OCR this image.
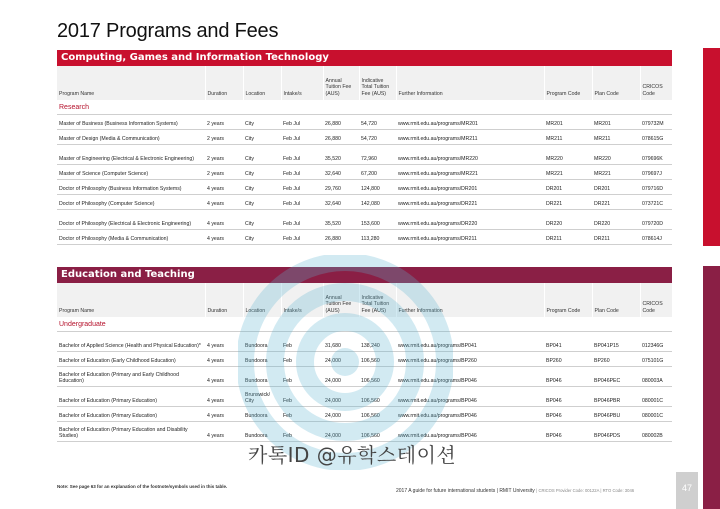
2017 Programs and Fees
Computing, Games and Information Technology
Program Name	Duration	Location	Intake/s	Annual Tuition Fee (AUS)	Indicative Total Tuition Fee (AUS)	Further Information	Program Code	Plan Code	CRICOS Code
Research									
Master of Business (Business Information Systems)	2 years	City	Feb Jul	26,880	54,720	www.rmit.edu.au/programs/MR201	MR201	MR201	079732M
Master of Design (Media & Communication)	2 years	City	Feb Jul	26,880	54,720	www.rmit.edu.au/programs/MR211	MR211	MR211	078615G
Master of Engineering (Electrical & Electronic Engineering)	2 years	City	Feb Jul	35,520	72,960	www.rmit.edu.au/programs/MR220	MR220	MR220	079696K
Master of Science (Computer Science)	2 years	City	Feb Jul	32,640	67,200	www.rmit.edu.au/programs/MR221	MR221	MR221	079697J
Doctor of Philosophy (Business Information Systems)	4 years	City	Feb Jul	29,760	124,800	www.rmit.edu.au/programs/DR201	DR201	DR201	079716D
Doctor of Philosophy (Computer Science)	4 years	City	Feb Jul	32,640	142,080	www.rmit.edu.au/programs/DR221	DR221	DR221	073721C
Doctor of Philosophy (Electrical & Electronic Engineering)	4 years	City	Feb Jul	35,520	153,600	www.rmit.edu.au/programs/DR220	DR220	DR220	079720D
Doctor of Philosophy (Media & Communication)	4 years	City	Feb Jul	26,880	113,280	www.rmit.edu.au/programs/DR211	DR211	DR211	078614J
Education and Teaching
Program Name	Duration	Location	Intake/s	Annual Tuition Fee (AUS)	Indicative Total Tuition Fee (AUS)	Further Information	Program Code	Plan Code	CRICOS Code
Undergraduate									
Bachelor of Applied Science (Health and Physical Education)*	4 years	Bundoora	Feb	31,680	138,240	www.rmit.edu.au/programs/BP041	BP041	BP041P15	012346G
Bachelor of Education (Early Childhood Education)	4 years	Bundoora	Feb	24,000	106,560	www.rmit.edu.au/programs/BP260	BP260	BP260	075101G
Bachelor of Education (Primary and Early Childhood Education)	4 years	Bundoora	Feb	24,000	106,560	www.rmit.edu.au/programs/BP046	BP046	BP046PEC	080003A
Bachelor of Education (Primary Education)	4 years	Brunswick/ City	Feb	24,000	106,560	www.rmit.edu.au/programs/BP046	BP046	BP046PBR	080001C
Bachelor of Education (Primary Education)	4 years	Bundoora	Feb	24,000	106,560	www.rmit.edu.au/programs/BP046	BP046	BP046PBU	080001C
Bachelor of Education (Primary Education and Disability Studies)	4 years	Bundoora	Feb	24,000	106,560	www.rmit.edu.au/programs/BP046	BP046	BP046PDS	080002B
카톡ID @유학스테이션
Note: See page 63 for an explanation of the footnote/symbols used in this table.
2017 A guide for future international students | RMIT University | CRICOS Provider Code: 00122A | RTO Code: 3046	47
